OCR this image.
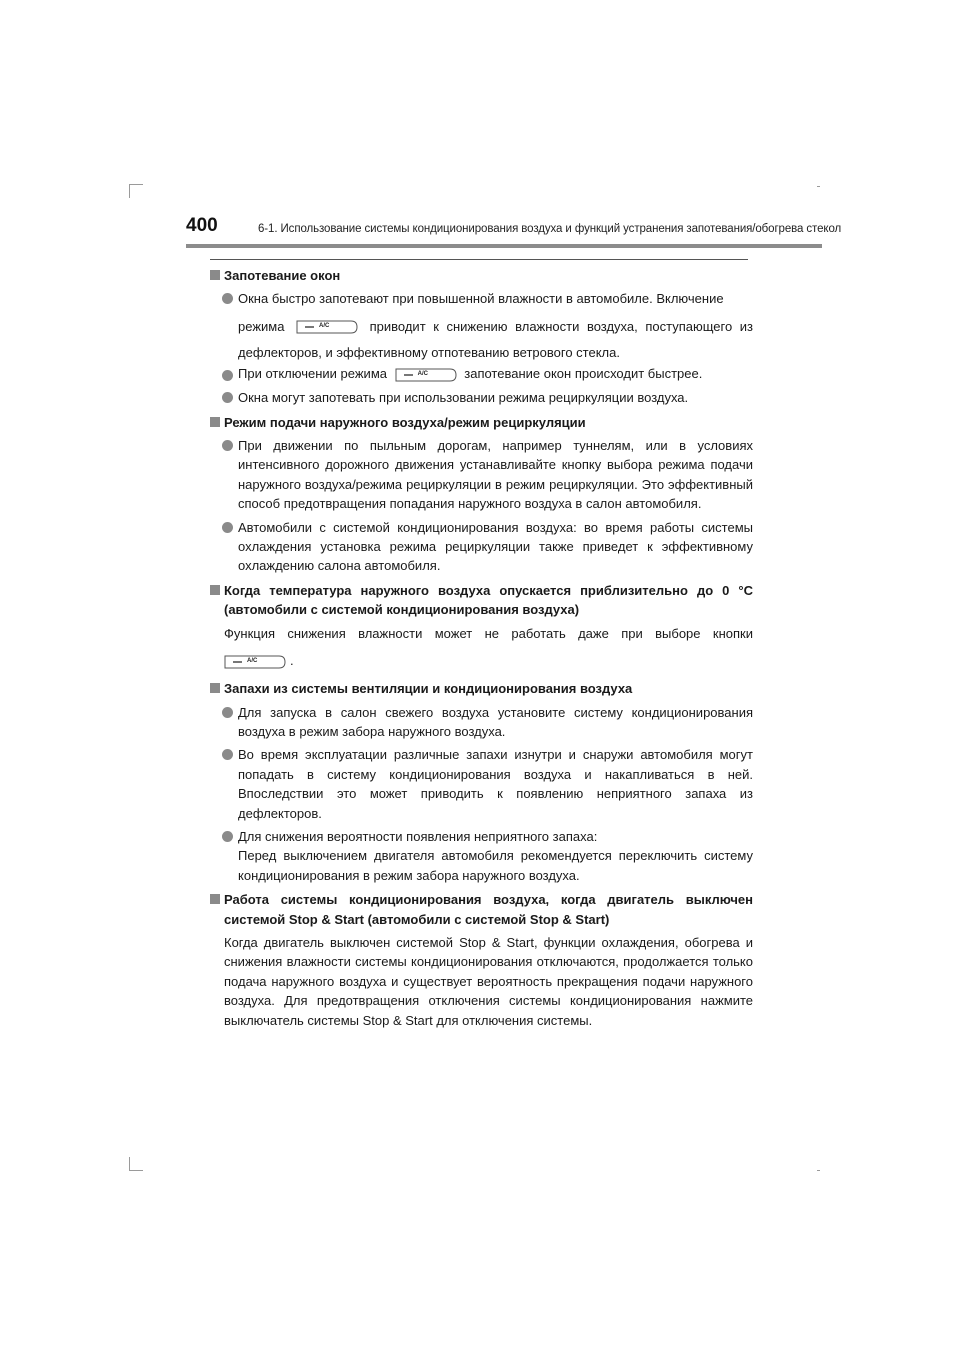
400	6-1. Использование системы кондиционирования воздуха и функций устранения запотевания/обогрева стекол
Запотевание окон
Окна быстро запотевают при повышенной влажности в автомобиле. Включение
режима	A/C	приводит к снижению влажности воздуха, поступающего из
дефлекторов, и эффективному отпотеванию ветрового стекла.
При отключении режима	A/C	запотевание окон происходит быстрее.
Окна могут запотевать при использовании режима рециркуляции воздуха.
Режим подачи наружного воздуха/режим рециркуляции
При движении по пыльным дорогам, например туннелям, или в условиях интенсивного дорожного движения устанавливайте кнопку выбора режима подачи наружного воздуха/режима рециркуляции в режим рециркуляции. Это эффективный способ предотвращения попадания наружного воздуха в салон автомобиля.
Автомобили с системой кондиционирования воздуха: во время работы системы охлаждения установка режима рециркуляции также приведет к эффективному охлаждению салона автомобиля.
Когда температура наружного воздуха опускается приблизительно до 0 °C (автомобили с системой кондиционирования воздуха)
Функция снижения влажности может не работать даже при выборе кнопки
A/C	.
Запахи из системы вентиляции и кондиционирования воздуха
Для запуска в салон свежего воздуха установите систему кондиционирования воздуха в режим забора наружного воздуха.
Во время эксплуатации различные запахи изнутри и снаружи автомобиля могут попадать в систему кондиционирования воздуха и накапливаться в ней. Впоследствии это может приводить к появлению неприятного запаха из дефлекторов.
Для снижения вероятности появления неприятного запаха:
Перед выключением двигателя автомобиля рекомендуется переключить систему кондиционирования в режим забора наружного воздуха.
Работа системы кондиционирования воздуха, когда двигатель выключен системой Stop & Start (автомобили с системой Stop & Start)
Когда двигатель выключен системой Stop & Start, функции охлаждения, обогрева и снижения влажности системы кондиционирования отключаются, продолжается только подача наружного воздуха и существует вероятность прекращения подачи наружного воздуха. Для предотвращения отключения системы кондиционирования нажмите выключатель системы Stop & Start для отключения системы.
